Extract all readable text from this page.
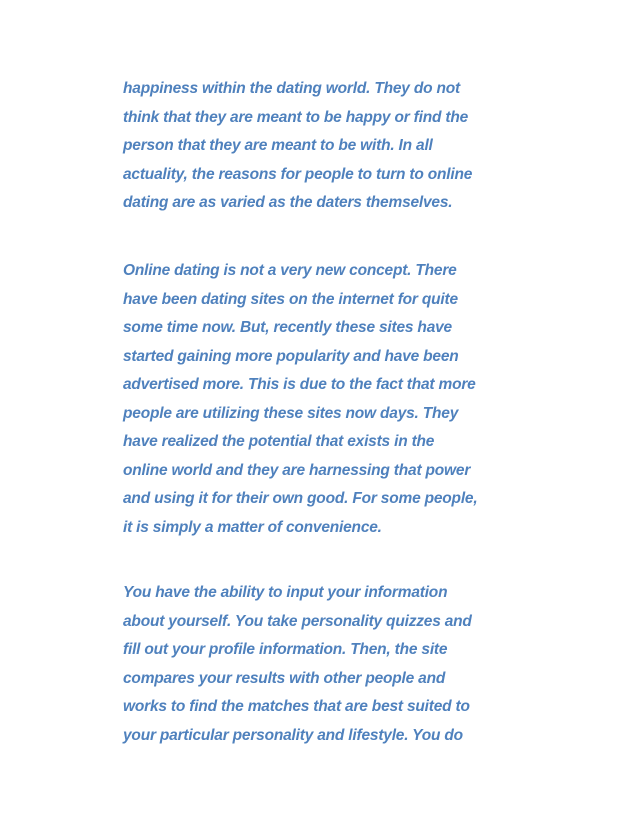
happiness within the dating world. They do not
think that they are meant to be happy or find the
person that they are meant to be with. In all
actuality, the reasons for people to turn to online
dating are as varied as the daters themselves.
Online dating is not a very new concept. There
have been dating sites on the internet for quite
some time now. But, recently these sites have
started gaining more popularity and have been
advertised more. This is due to the fact that more
people are utilizing these sites now days. They
have realized the potential that exists in the
online world and they are harnessing that power
and using it for their own good. For some people,
it is simply a matter of convenience.
You have the ability to input your information
about yourself. You take personality quizzes and
fill out your profile information. Then, the site
compares your results with other people and
works to find the matches that are best suited to
your particular personality and lifestyle. You do
